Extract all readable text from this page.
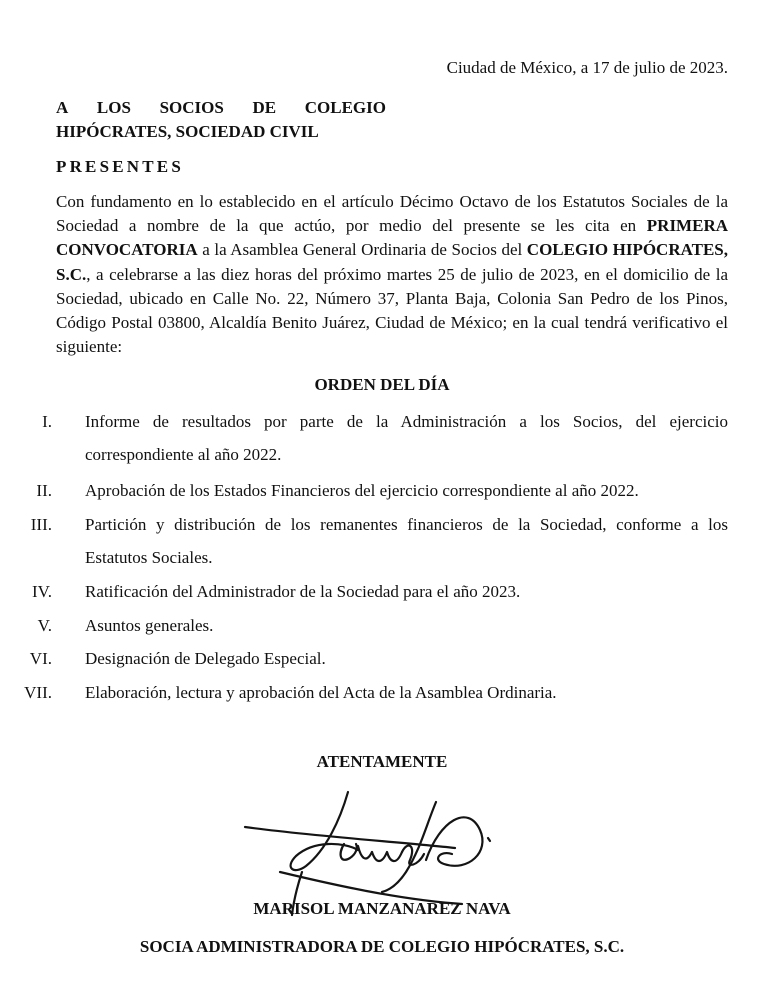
Ciudad de México, a 17 de julio de 2023.
A LOS SOCIOS DE COLEGIO
HIPÓCRATES, SOCIEDAD CIVIL
PRESENTES
Con fundamento en lo establecido en el artículo Décimo Octavo de los Estatutos Sociales de la Sociedad a nombre de la que actúo, por medio del presente se les cita en PRIMERA CONVOCATORIA a la Asamblea General Ordinaria de Socios del COLEGIO HIPÓCRATES, S.C., a celebrarse a las diez horas del próximo martes 25 de julio de 2023, en el domicilio de la Sociedad, ubicado en Calle No. 22, Número 37, Planta Baja, Colonia San Pedro de los Pinos, Código Postal 03800, Alcaldía Benito Juárez, Ciudad de México; en la cual tendrá verificativo el siguiente:
ORDEN DEL DÍA
I. Informe de resultados por parte de la Administración a los Socios, del ejercicio correspondiente al año 2022.
II. Aprobación de los Estados Financieros del ejercicio correspondiente al año 2022.
III. Partición y distribución de los remanentes financieros de la Sociedad, conforme a los Estatutos Sociales.
IV. Ratificación del Administrador de la Sociedad para el año 2023.
V. Asuntos generales.
VI. Designación de Delegado Especial.
VII. Elaboración, lectura y aprobación del Acta de la Asamblea Ordinaria.
ATENTAMENTE
MARISOL MANZANAREZ NAVA
SOCIA ADMINISTRADORA DE COLEGIO HIPÓCRATES, S.C.
